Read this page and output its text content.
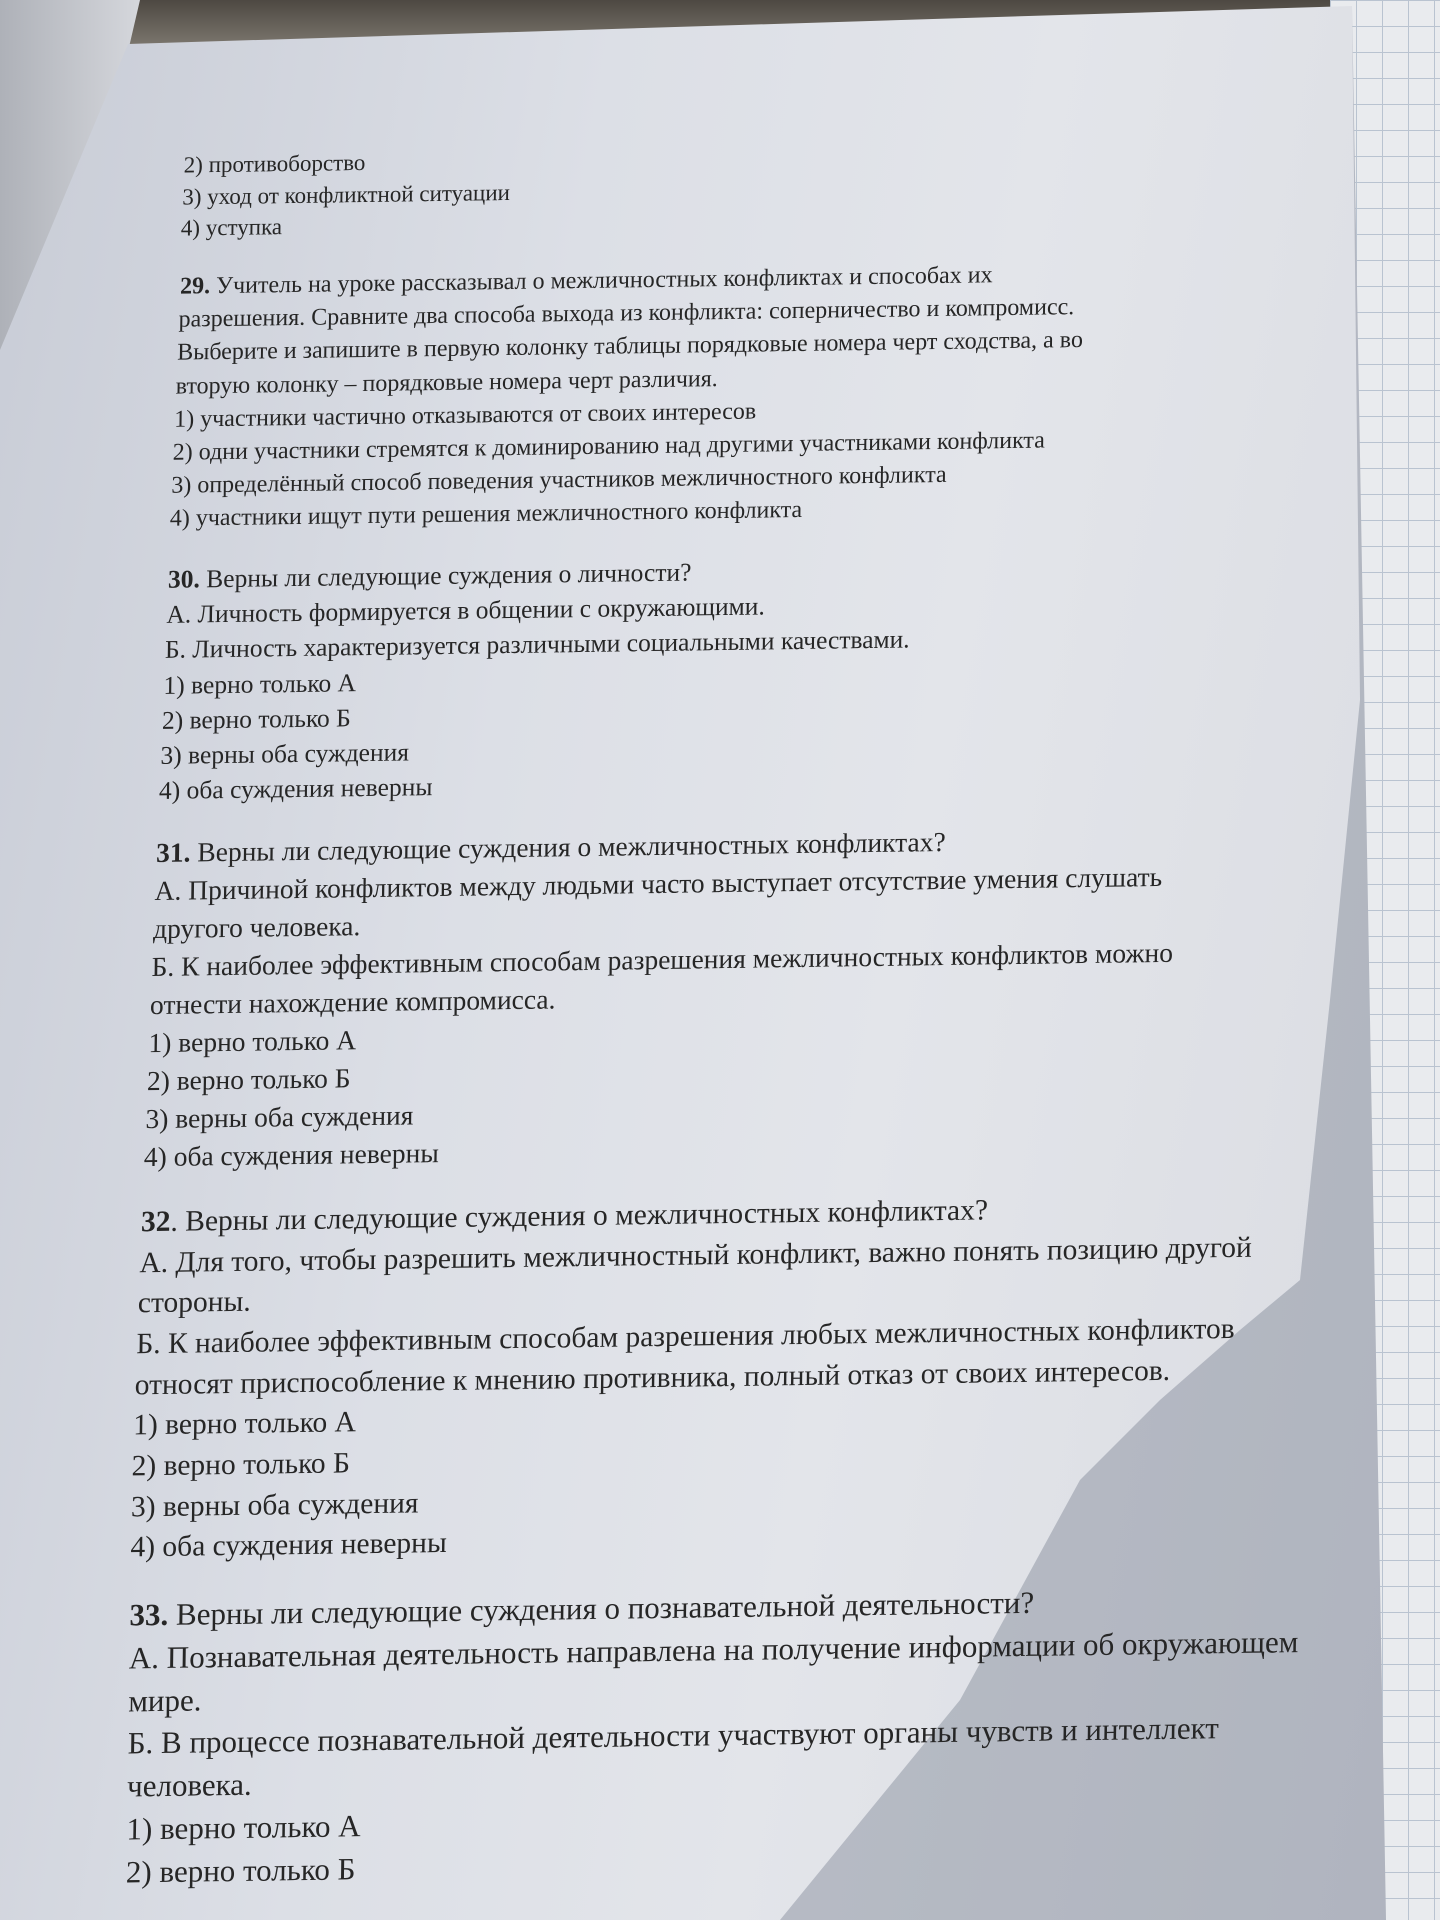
2) противоборство
3) уход от конфликтной ситуации
4) уступка
29. Учитель на уроке рассказывал о межличностных конфликтах и способах их
разрешения. Сравните два способа выхода из конфликта: соперничество и компромисс.
Выберите и запишите в первую колонку таблицы порядковые номера черт сходства, а во
вторую колонку – порядковые номера черт различия.
1) участники частично отказываются от своих интересов
2) одни участники стремятся к доминированию над другими участниками конфликта
3) определённый способ поведения участников межличностного конфликта
4) участники ищут пути решения межличностного конфликта
30. Верны ли следующие суждения о личности?
А. Личность формируется в общении с окружающими.
Б. Личность характеризуется различными социальными качествами.
1) верно только А
2) верно только Б
3) верны оба суждения
4) оба суждения неверны
31. Верны ли следующие суждения о межличностных конфликтах?
А. Причиной конфликтов между людьми часто выступает отсутствие умения слушать
другого человека.
Б. К наиболее эффективным способам разрешения межличностных конфликтов можно
отнести нахождение компромисса.
1) верно только А
2) верно только Б
3) верны оба суждения
4) оба суждения неверны
32. Верны ли следующие суждения о межличностных конфликтах?
А. Для того, чтобы разрешить межличностный конфликт, важно понять позицию другой
стороны.
Б. К наиболее эффективным способам разрешения любых межличностных конфликтов
относят приспособление к мнению противника, полный отказ от своих интересов.
1) верно только А
2) верно только Б
3) верны оба суждения
4) оба суждения неверны
33. Верны ли следующие суждения о познавательной деятельности?
А. Познавательная деятельность направлена на получение информации об окружающем
мире.
Б. В процессе познавательной деятельности участвуют органы чувств и интеллект
человека.
1) верно только А
2) верно только Б
